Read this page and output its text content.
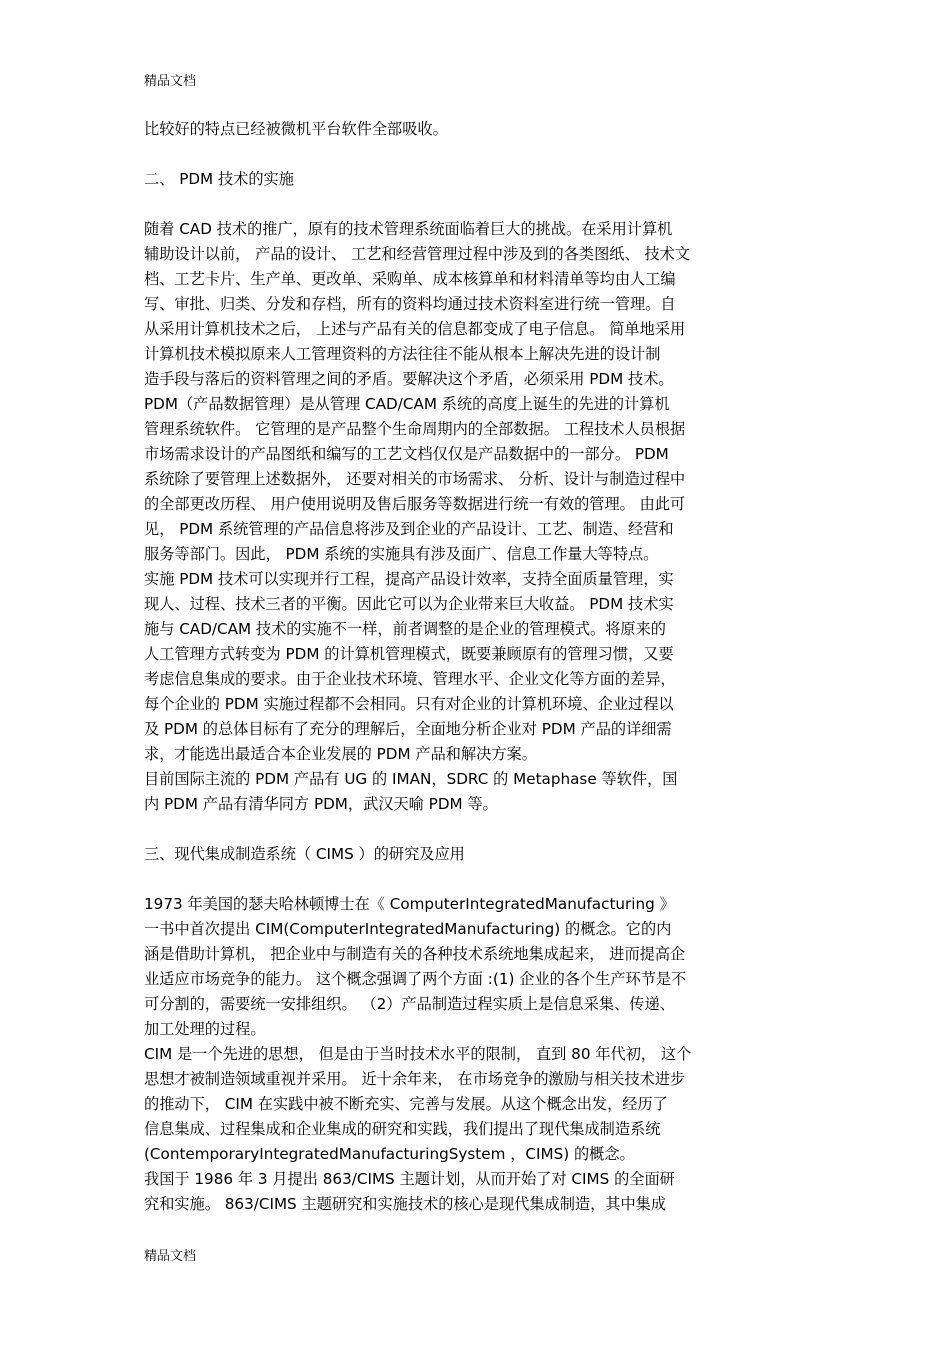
精品文档
比较好的特点已经被微机平台软件全部吸收。
二、 PDM 技术的实施
随着 CAD 技术的推广，原有的技术管理系统面临着巨大的挑战。在采用计算机
辅助设计以前， 产品的设计、 工艺和经营管理过程中涉及到的各类图纸、 技术文
档、工艺卡片、生产单、更改单、采购单、成本核算单和材料清单等均由人工编
写、审批、归类、分发和存档，所有的资料均通过技术资料室进行统一管理。自
从采用计算机技术之后， 上述与产品有关的信息都变成了电子信息。 简单地采用
计算机技术模拟原来人工管理资料的方法往往不能从根本上解决先进的设计制
造手段与落后的资料管理之间的矛盾。要解决这个矛盾，必须采用 PDM 技术。
PDM（产品数据管理）是从管理 CAD/CAM 系统的高度上诞生的先进的计算机
管理系统软件。 它管理的是产品整个生命周期内的全部数据。 工程技术人员根据
市场需求设计的产品图纸和编写的工艺文档仅仅是产品数据中的一部分。 PDM
系统除了要管理上述数据外， 还要对相关的市场需求、 分析、设计与制造过程中
的全部更改历程、 用户使用说明及售后服务等数据进行统一有效的管理。 由此可
见， PDM 系统管理的产品信息将涉及到企业的产品设计、工艺、制造、经营和
服务等部门。因此， PDM 系统的实施具有涉及面广、信息工作量大等特点。
实施 PDM 技术可以实现并行工程，提高产品设计效率，支持全面质量管理，实
现人、过程、技术三者的平衡。因此它可以为企业带来巨大收益。 PDM 技术实
施与 CAD/CAM 技术的实施不一样，前者调整的是企业的管理模式。将原来的
人工管理方式转变为 PDM 的计算机管理模式，既要兼顾原有的管理习惯，又要
考虑信息集成的要求。由于企业技术环境、管理水平、企业文化等方面的差异，
每个企业的 PDM 实施过程都不会相同。只有对企业的计算机环境、企业过程以
及 PDM 的总体目标有了充分的理解后，全面地分析企业对 PDM 产品的详细需
求，才能选出最适合本企业发展的 PDM 产品和解决方案。
目前国际主流的 PDM 产品有 UG 的 IMAN，SDRC 的 Metaphase 等软件，国
内 PDM 产品有清华同方 PDM，武汉天喻 PDM 等。
三、现代集成制造系统（ CIMS ）的研究及应用
1973 年美国的瑟夫哈林顿博士在《 ComputerIntegratedManufacturing 》
一书中首次提出 CIM(ComputerIntegratedManufacturing) 的概念。它的内
涵是借助计算机， 把企业中与制造有关的各种技术系统地集成起来， 进而提高企
业适应市场竞争的能力。 这个概念强调了两个方面 :(1) 企业的各个生产环节是不
可分割的，需要统一安排组织。 （2）产品制造过程实质上是信息采集、传递、
加工处理的过程。
CIM 是一个先进的思想， 但是由于当时技术水平的限制， 直到 80 年代初， 这个
思想才被制造领域重视并采用。 近十余年来， 在市场竞争的激励与相关技术进步
的推动下， CIM 在实践中被不断充实、完善与发展。从这个概念出发，经历了
信息集成、过程集成和企业集成的研究和实践，我们提出了现代集成制造系统
(ContemporaryIntegratedManufacturingSystem ，CIMS) 的概念。
我国于 1986 年 3 月提出 863/CIMS 主题计划，从而开始了对 CIMS 的全面研
究和实施。 863/CIMS 主题研究和实施技术的核心是现代集成制造，其中集成
精品文档
